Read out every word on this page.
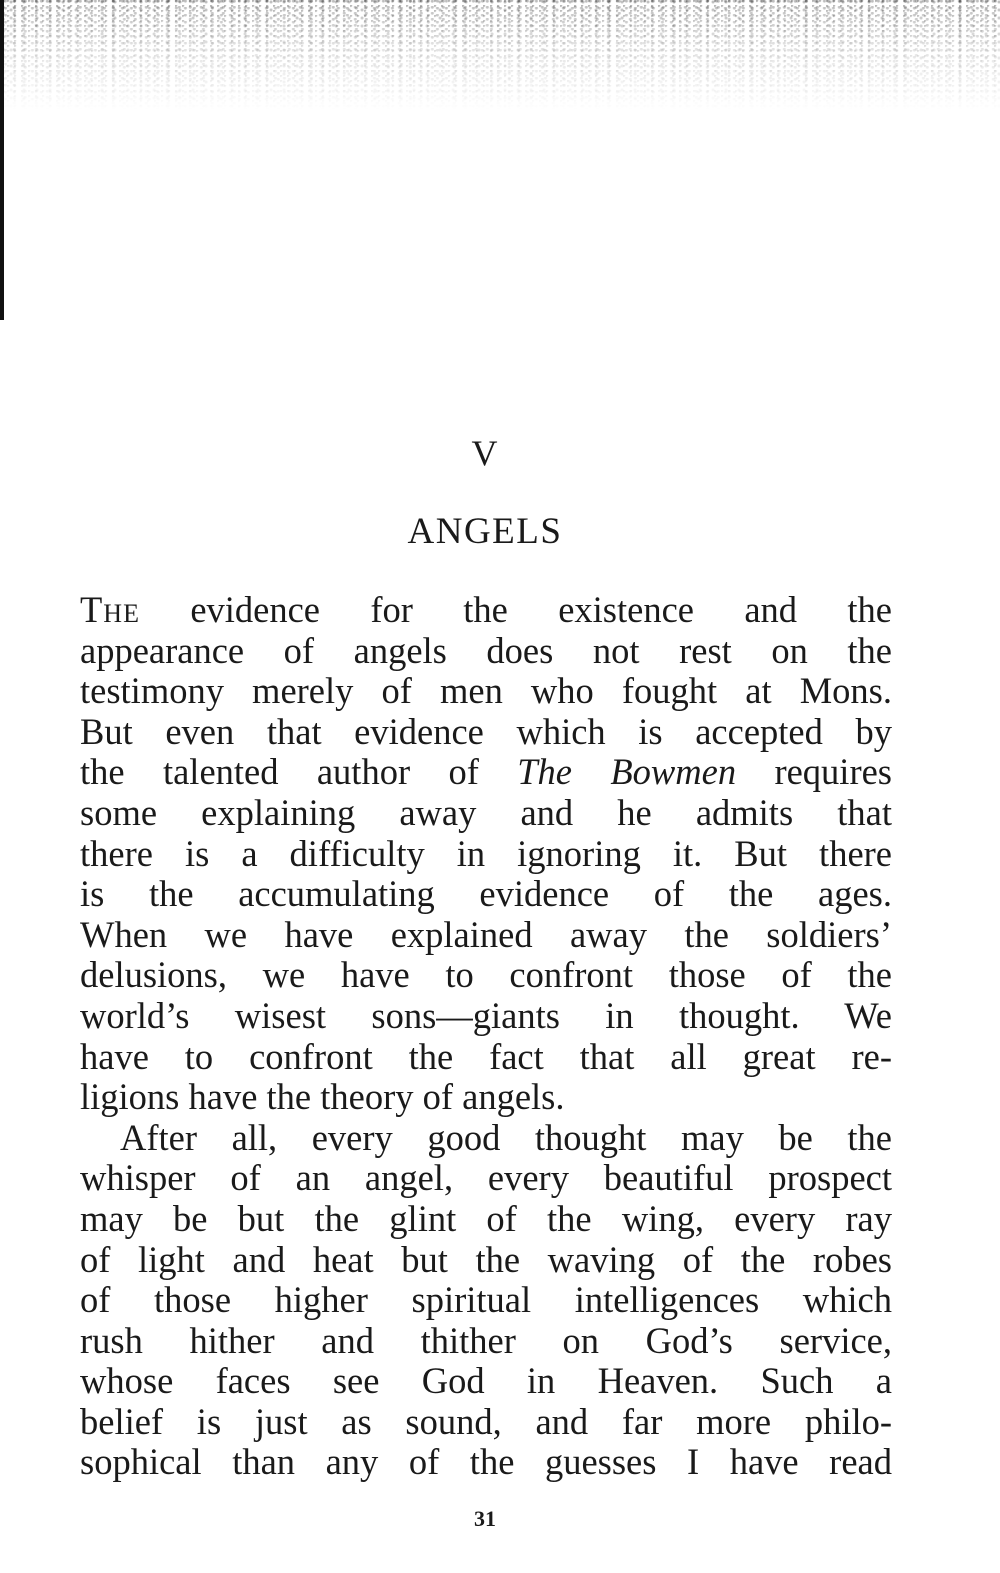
V
ANGELS
The evidence for the existence and the
appearance of angels does not rest on the
testimony merely of men who fought at Mons.
But even that evidence which is accepted by
the talented author of The Bowmen requires
some explaining away and he admits that
there is a difficulty in ignoring it. But there
is the accumulating evidence of the ages.
When we have explained away the soldiers’
delusions, we have to confront those of the
world’s wisest sons—giants in thought. We
have to confront the fact that all great re-
ligions have the theory of angels.
After all, every good thought may be the
whisper of an angel, every beautiful prospect
may be but the glint of the wing, every ray
of light and heat but the waving of the robes
of those higher spiritual intelligences which
rush hither and thither on God’s service,
whose faces see God in Heaven. Such a
belief is just as sound, and far more philo-
sophical than any of the guesses I have read
31
